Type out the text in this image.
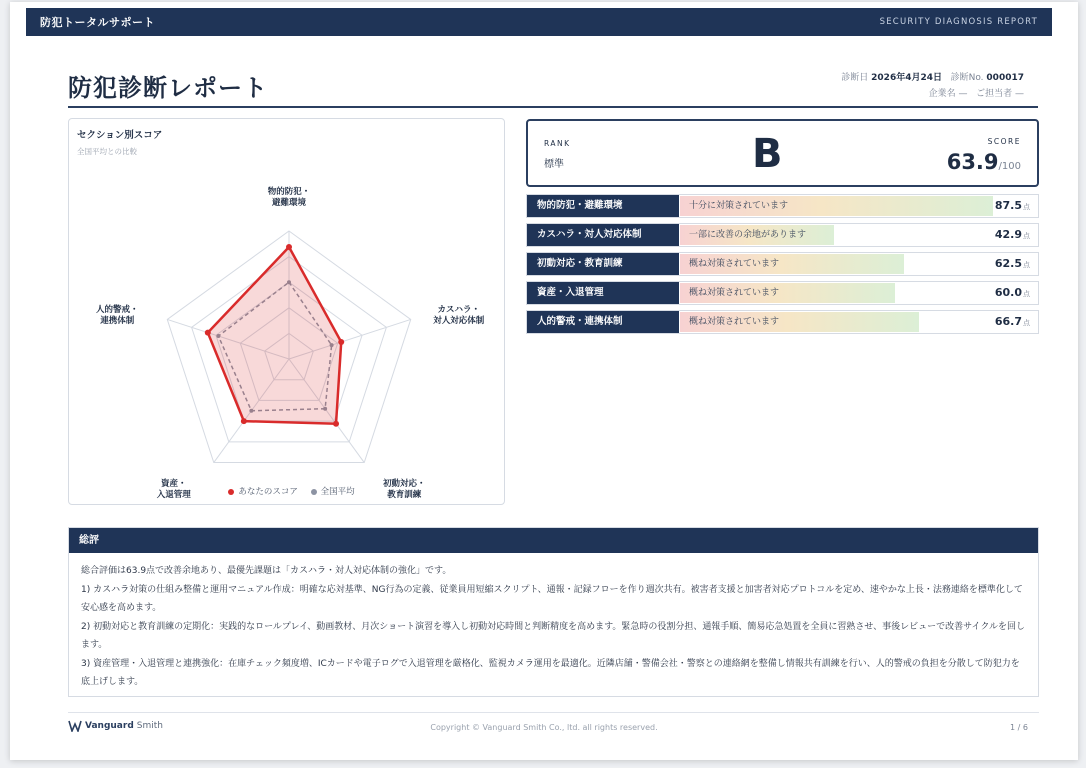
防犯トータルサポート	SECURITY DIAGNOSIS REPORT
防犯診断レポート	診断日 2026年4月24日 診断No. 000017
企業名 — ご担当者 —
セクション別スコア
全国平均との比較
物的防犯・
避難環境
カスハラ・
対人対応体制
初動対応・
教育訓練
資産・
入退管理
人的警戒・
連携体制
あなたのスコア	全国平均
RANK
標準	B	SCORE
63.9/100
物的防犯・避難環境	十分に対策されています	87.5点
カスハラ・対人対応体制	一部に改善の余地があります	42.9点
初動対応・教育訓練	概ね対策されています	62.5点
資産・入退管理	概ね対策されています	60.0点
人的警戒・連携体制	概ね対策されています	66.7点
総評

総合評価は63.9点で改善余地あり、最優先課題は「カスハラ・対人対応体制の強化」です。

1) カスハラ対策の仕組み整備と運用マニュアル作成：明確な応対基準、NG行為の定義、従業員用短縮スクリプト、通報・記録フローを作り週次共有。被害者支援と加害者対応プロトコルを定め、速やかな上長・法務連絡を標準化して安心感を高めます。

2) 初動対応と教育訓練の定期化：実践的なロールプレイ、動画教材、月次ショート演習を導入し初動対応時間と判断精度を高めます。緊急時の役割分担、通報手順、簡易応急処置を全員に習熟させ、事後レビューで改善サイクルを回します。

3) 資産管理・入退管理と連携強化：在庫チェック頻度増、ICカードや電子ログで入退管理を厳格化、監視カメラ運用を最適化。近隣店舗・警備会社・警察との連絡網を整備し情報共有訓練を行い、人的警戒の負担を分散して防犯力を底上げします。

Vanguard Smith	Copyright © Vanguard Smith Co., ltd. all rights reserved.	1 / 6
